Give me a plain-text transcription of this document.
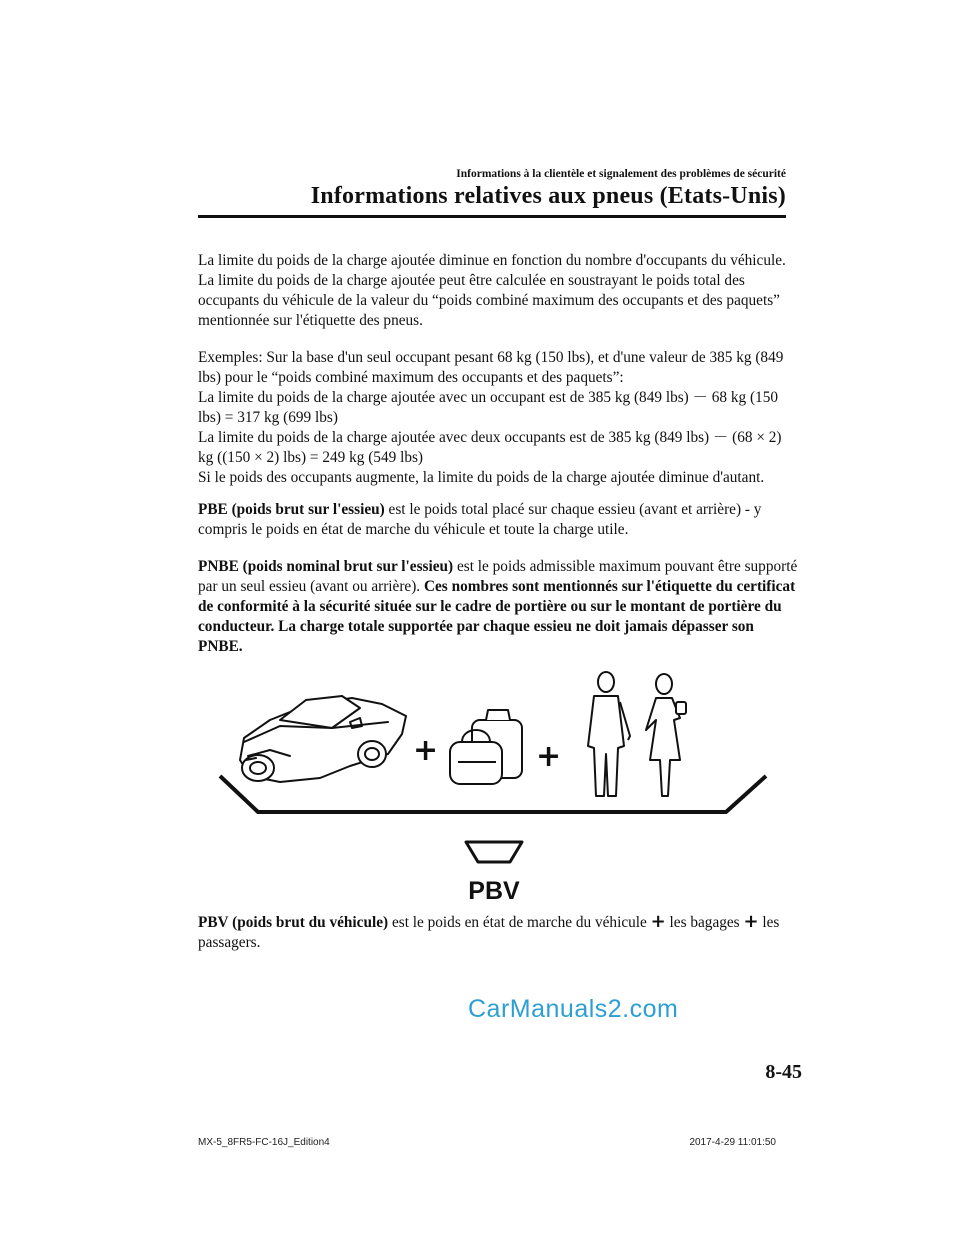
Informations à la clientèle et signalement des problèmes de sécurité
Informations relatives aux pneus (Etats-Unis)

La limite du poids de la charge ajoutée diminue en fonction du nombre d'occupants du véhicule. La limite du poids de la charge ajoutée peut être calculée en soustrayant le poids total des occupants du véhicule de la valeur du “poids combiné maximum des occupants et des paquets” mentionnée sur l'étiquette des pneus.

Exemples: Sur la base d'un seul occupant pesant 68 kg (150 lbs), et d'une valeur de 385 kg (849 lbs) pour le “poids combiné maximum des occupants et des paquets”:
La limite du poids de la charge ajoutée avec un occupant est de 385 kg (849 lbs) － 68 kg (150 lbs) = 317 kg (699 lbs)
La limite du poids de la charge ajoutée avec deux occupants est de 385 kg (849 lbs) － (68 × 2) kg ((150 × 2) lbs) = 249 kg (549 lbs)
Si le poids des occupants augmente, la limite du poids de la charge ajoutée diminue d'autant.

PBE (poids brut sur l'essieu) est le poids total placé sur chaque essieu (avant et arrière) - y compris le poids en état de marche du véhicule et toute la charge utile.

PNBE (poids nominal brut sur l'essieu) est le poids admissible maximum pouvant être supporté par un seul essieu (avant ou arrière). Ces nombres sont mentionnés sur l'étiquette du certificat de conformité à la sécurité située sur le cadre de portière ou sur le montant de portière du conducteur. La charge totale supportée par chaque essieu ne doit jamais dépasser son PNBE.

+	+
PBV
PBV (poids brut du véhicule) est le poids en état de marche du véhicule + les bagages + les passagers.
CarManuals2.com
8-45
MX-5_8FR5-FC-16J_Edition4	2017-4-29 11:01:50
